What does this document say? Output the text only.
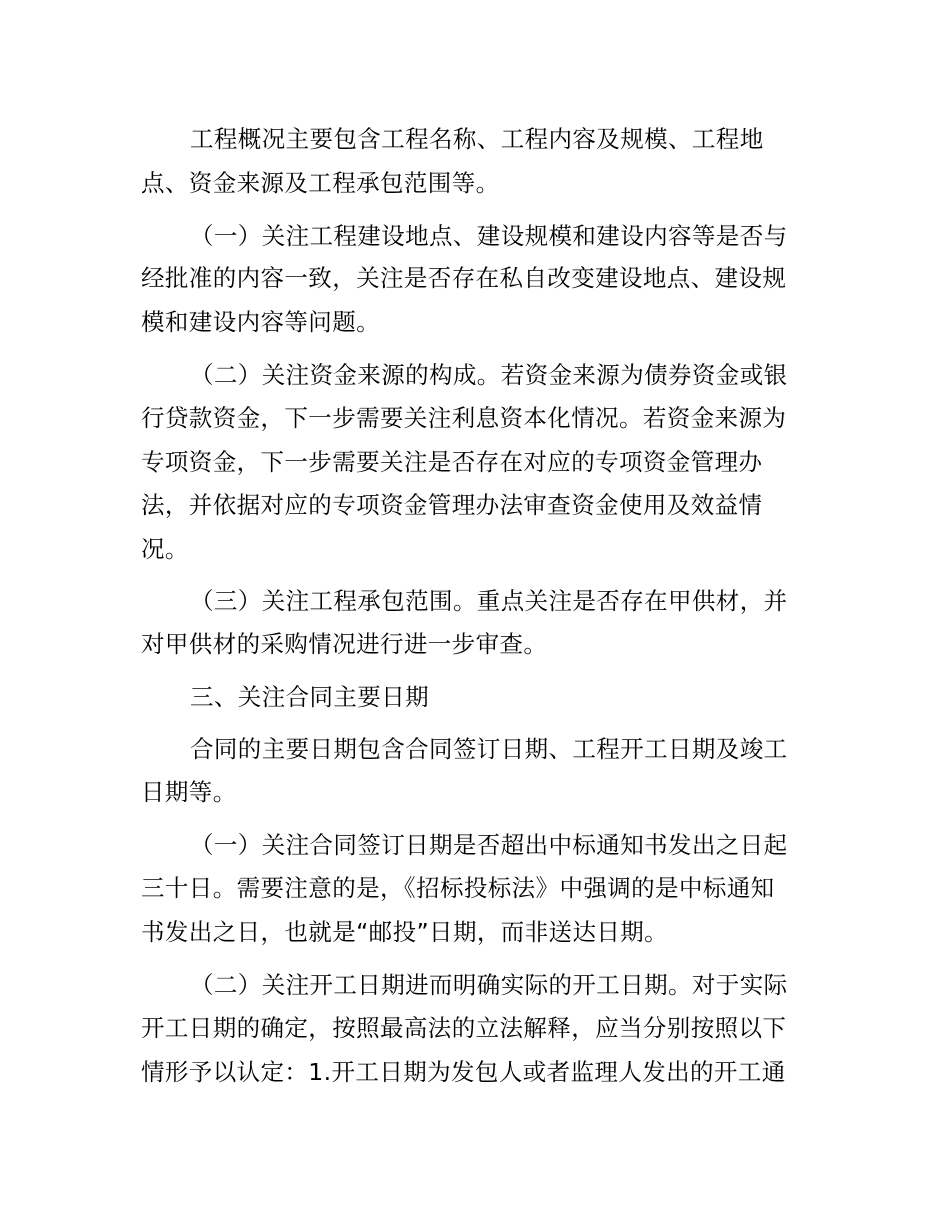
工程概况主要包含工程名称、工程内容及规模、工程地
点、资金来源及工程承包范围等。
（一）关注工程建设地点、建设规模和建设内容等是否与
经批准的内容一致，关注是否存在私自改变建设地点、建设规
模和建设内容等问题。
（二）关注资金来源的构成。若资金来源为债券资金或银
行贷款资金，下一步需要关注利息资本化情况。若资金来源为
专项资金，下一步需要关注是否存在对应的专项资金管理办
法，并依据对应的专项资金管理办法审查资金使用及效益情
况。
（三）关注工程承包范围。重点关注是否存在甲供材，并
对甲供材的采购情况进行进一步审查。
三、关注合同主要日期
合同的主要日期包含合同签订日期、工程开工日期及竣工
日期等。
（一）关注合同签订日期是否超出中标通知书发出之日起
三十日。需要注意的是，《招标投标法》中强调的是中标通知
书发出之日，也就是“邮投”日期，而非送达日期。
（二）关注开工日期进而明确实际的开工日期。对于实际
开工日期的确定，按照最高法的立法解释，应当分别按照以下
情形予以认定：1.开工日期为发包人或者监理人发出的开工通
